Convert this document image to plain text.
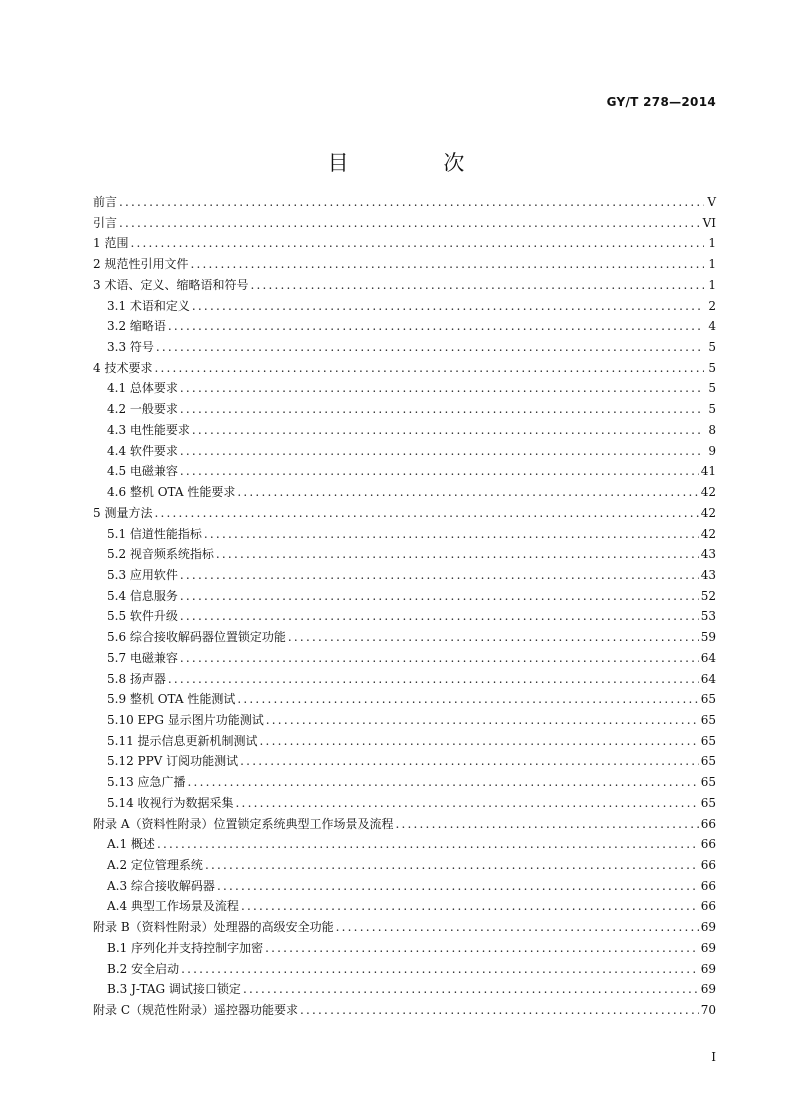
GY/T 278—2014
目 次
前言 .....	V
引言 .....	VI
1 范围 .....	1
2 规范性引用文件 .....	1
3 术语、定义、缩略语和符号 .....	1
3.1 术语和定义 .....	2
3.2 缩略语 .....	4
3.3 符号 .....	5
4 技术要求 .....	5
4.1 总体要求 .....	5
4.2 一般要求 .....	5
4.3 电性能要求 .....	8
4.4 软件要求 .....	9
4.5 电磁兼容 .....	41
4.6 整机 OTA 性能要求 .....	42
5 测量方法 .....	42
5.1 信道性能指标 .....	42
5.2 视音频系统指标 .....	43
5.3 应用软件 .....	43
5.4 信息服务 .....	52
5.5 软件升级 .....	53
5.6 综合接收解码器位置锁定功能 .....	59
5.7 电磁兼容 .....	64
5.8 扬声器 .....	64
5.9 整机 OTA 性能测试 .....	65
5.10 EPG 显示图片功能测试 .....	65
5.11 提示信息更新机制测试 .....	65
5.12 PPV 订阅功能测试 .....	65
5.13 应急广播 .....	65
5.14 收视行为数据采集 .....	65
附录 A（资料性附录）位置锁定系统典型工作场景及流程 .....	66
A.1 概述 .....	66
A.2 定位管理系统 .....	66
A.3 综合接收解码器 .....	66
A.4 典型工作场景及流程 .....	66
附录 B（资料性附录）处理器的高级安全功能 .....	69
B.1 序列化并支持控制字加密 .....	69
B.2 安全启动 .....	69
B.3 J-TAG 调试接口锁定 .....	69
附录 C（规范性附录）遥控器功能要求 .....	70
I
